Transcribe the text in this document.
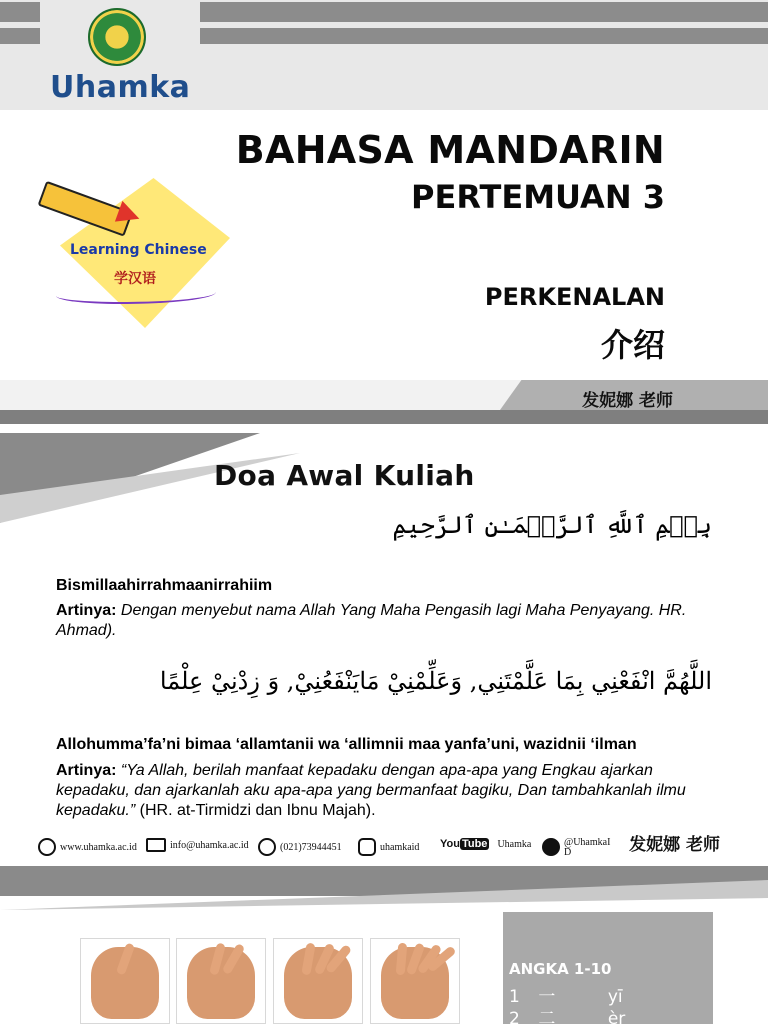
Uhamka
Learning Chinese
学汉语
BAHASA MANDARIN
PERTEMUAN 3
PERKENALAN
介绍
发妮娜 老师
Doa Awal Kuliah
بِسۡمِ ٱللَّهِ ٱلرَّحۡمَـٰنِ ٱلرَّحِيمِ
Bismillaahirrahmaanirrahiim
Artinya: Dengan menyebut nama Allah Yang Maha Pengasih lagi Maha Penyayang. HR. Ahmad).
اللَّهُمَّ انْفَعْنِي بِمَا عَلَّمْتَنِي, وَعَلِّمْنِيْ مَايَنْفَعُنِيْ, وَ زِدْنِيْ عِلْمًا
Allohumma’fa’ni bimaa ‘allamtanii wa ‘allimnii maa yanfa’uni, wazidnii ‘ilman
Artinya: “Ya Allah, berilah manfaat kepadaku dengan apa-apa yang Engkau ajarkan kepadaku, dan ajarkanlah aku apa-apa yang bermanfaat bagiku, Dan tambahkanlah ilmu kepadaku.” (HR. at-Tirmidzi dan Ibnu Majah).
www.uhamka.ac.id	info@uhamka.ac.id	(021)73944451	uhamkaid You Tube Uhamka	@UhamkaI
D	发妮娜 老师
ANGKA 1-10
1 一	yī
2 二	èr
